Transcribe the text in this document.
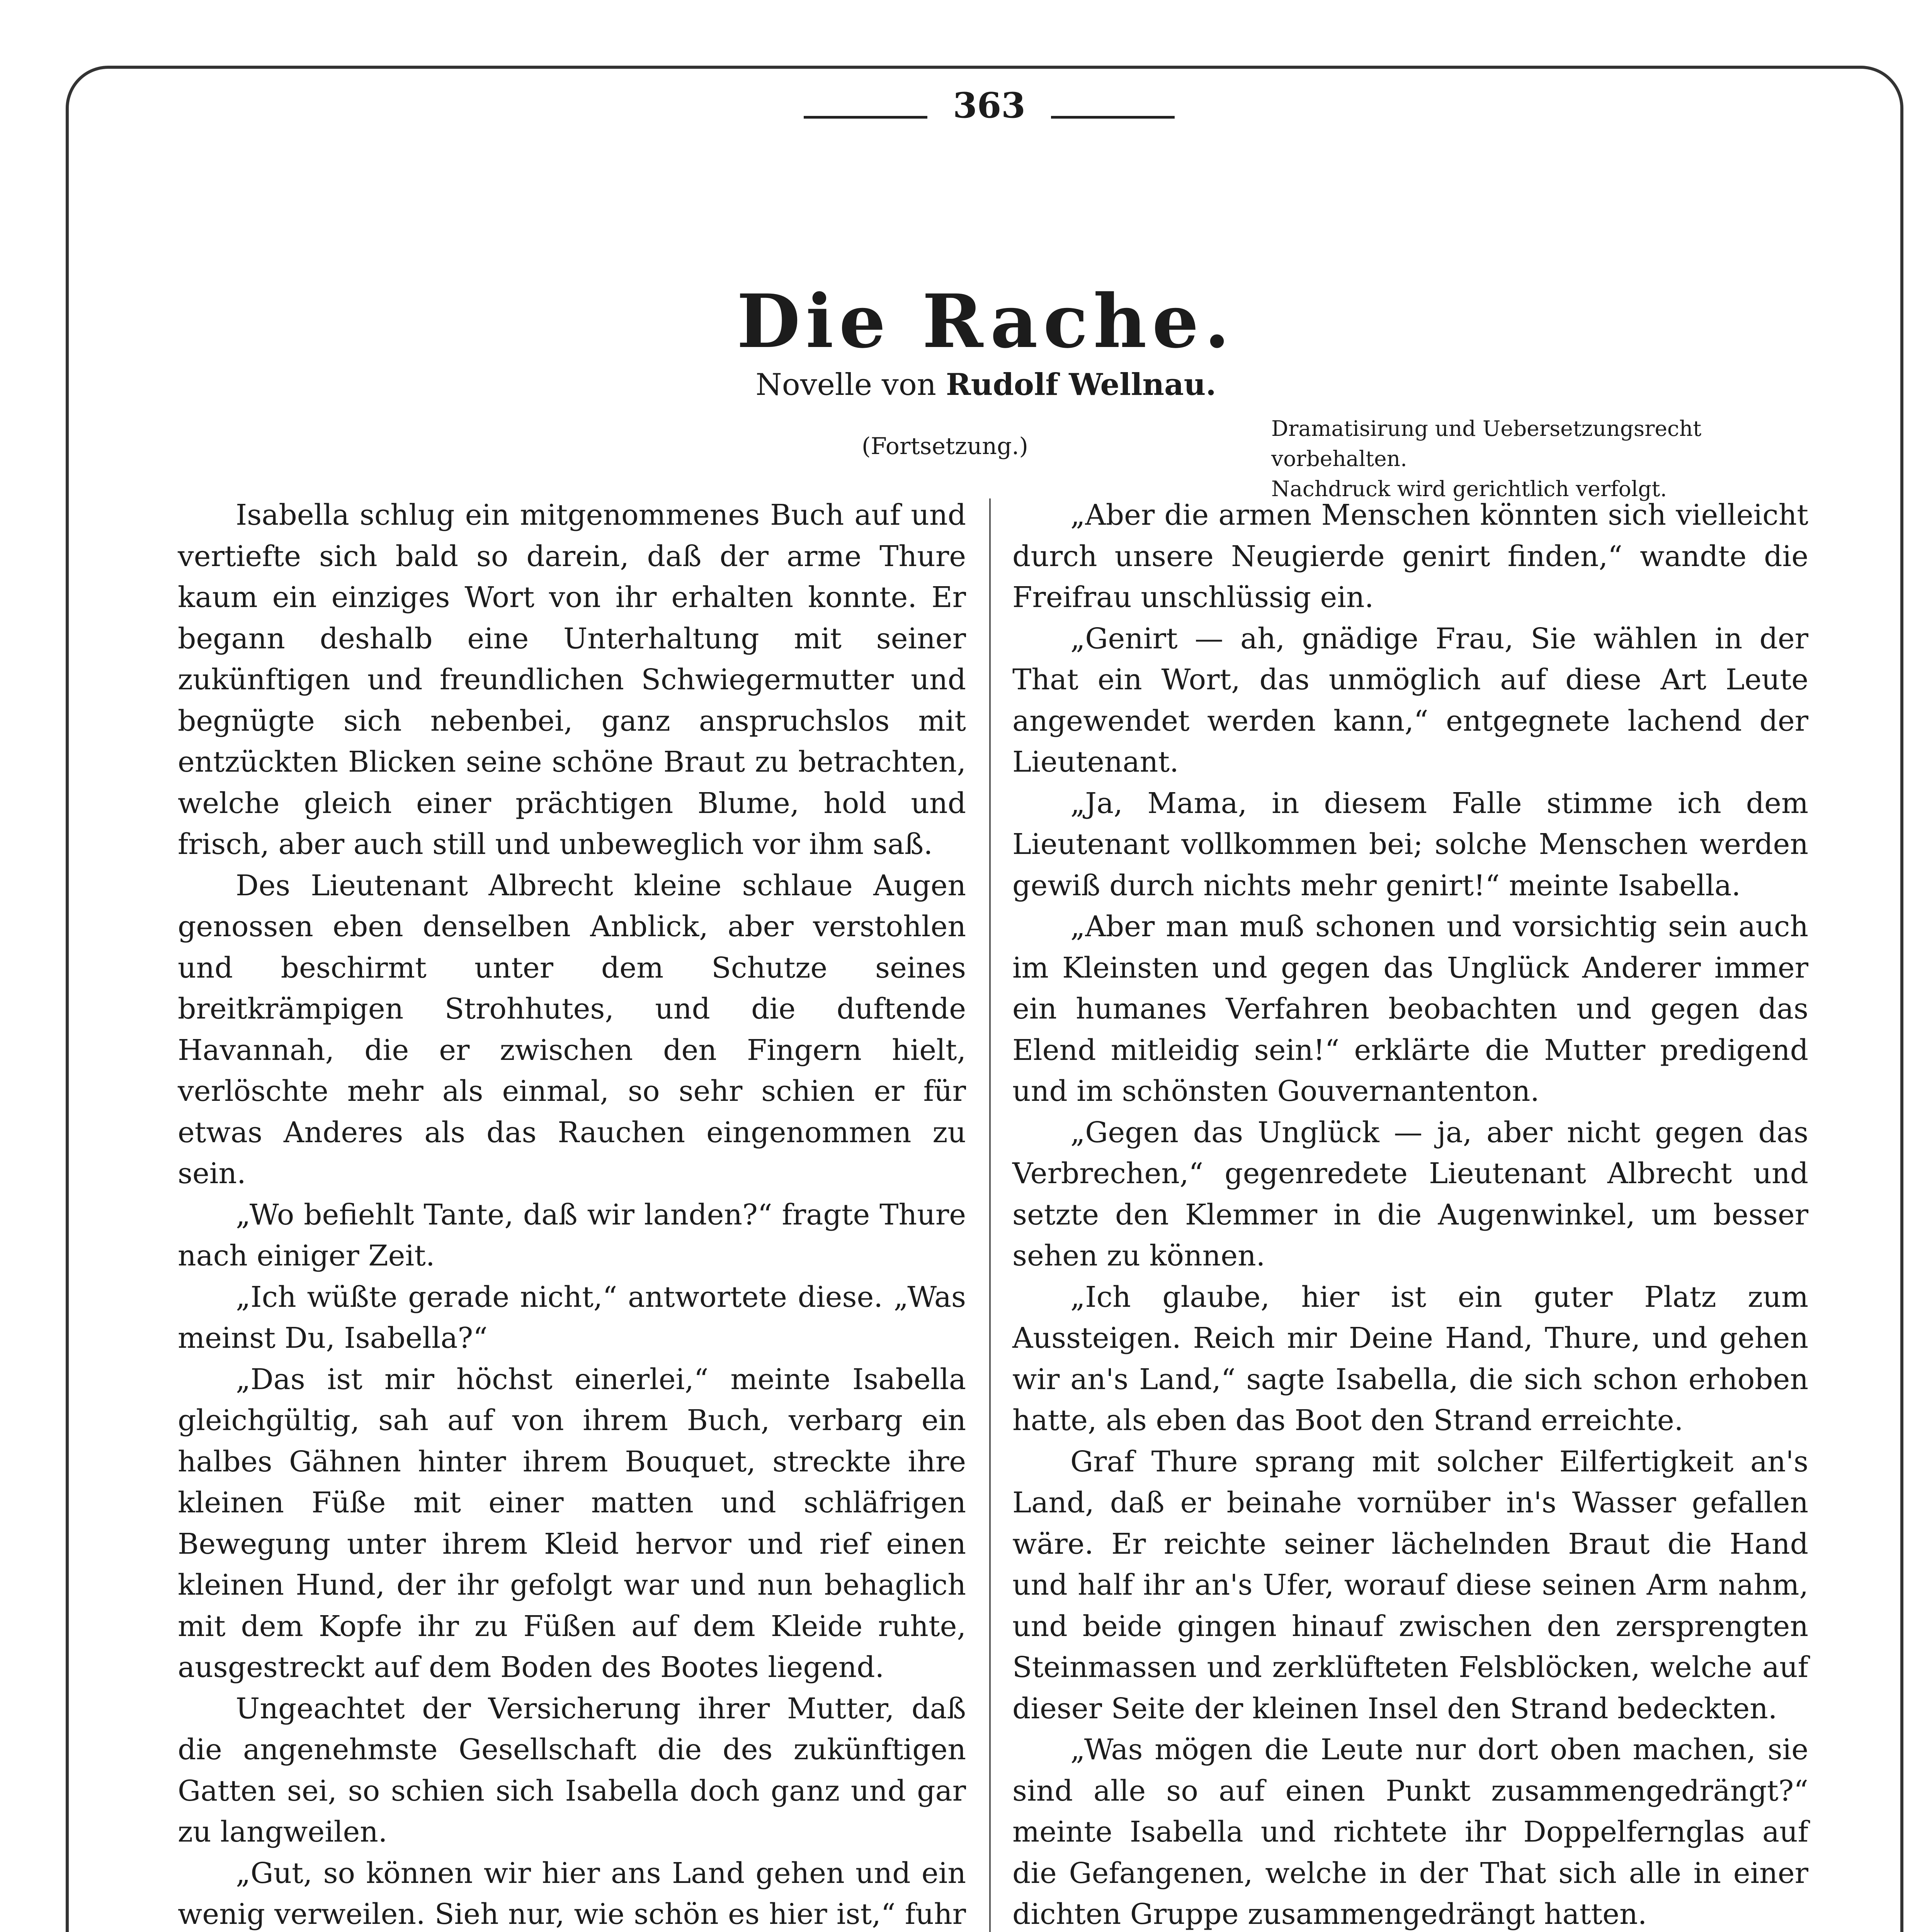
363
Die Rache.
Novelle von Rudolf Wellnau.
(Fortsetzung.)
Dramatisirung und Uebersetzungsrecht vorbehalten.
Nachdruck wird gerichtlich verfolgt.

Isabella schlug ein mitgenommenes Buch auf und vertiefte sich bald so darein, daß der arme Thure kaum ein einziges Wort von ihr erhalten konnte. Er begann deshalb eine Unterhaltung mit seiner zukünftigen und freundlichen Schwiegermutter und begnügte sich nebenbei, ganz anspruchslos mit entzückten Blicken seine schöne Braut zu betrachten, welche gleich einer prächtigen Blume, hold und frisch, aber auch still und unbeweglich vor ihm saß.

Des Lieutenant Albrecht kleine schlaue Augen genossen eben denselben Anblick, aber verstohlen und beschirmt unter dem Schutze seines breitkrämpigen Strohhutes, und die duftende Havannah, die er zwischen den Fingern hielt, verlöschte mehr als einmal, so sehr schien er für etwas Anderes als das Rauchen eingenommen zu sein.

„Wo befiehlt Tante, daß wir landen?“ fragte Thure nach einiger Zeit.

„Ich wüßte gerade nicht,“ antwortete diese. „Was meinst Du, Isabella?“

„Das ist mir höchst einerlei,“ meinte Isabella gleichgültig, sah auf von ihrem Buch, verbarg ein halbes Gähnen hinter ihrem Bouquet, streckte ihre kleinen Füße mit einer matten und schläfrigen Bewegung unter ihrem Kleid hervor und rief einen kleinen Hund, der ihr gefolgt war und nun behaglich mit dem Kopfe ihr zu Füßen auf dem Kleide ruhte, ausgestreckt auf dem Boden des Bootes liegend.

Ungeachtet der Versicherung ihrer Mutter, daß die angenehmste Gesellschaft die des zukünftigen Gatten sei, so schien sich Isabella doch ganz und gar zu langweilen.

„Gut, so können wir hier ans Land gehen und ein wenig verweilen. Sieh nur, wie schön es hier ist,“ fuhr

„Aber die armen Menschen könnten sich vielleicht durch unsere Neugierde genirt finden,“ wandte die Freifrau unschlüssig ein.

„Genirt — ah, gnädige Frau, Sie wählen in der That ein Wort, das unmöglich auf diese Art Leute angewendet werden kann,“ entgegnete lachend der Lieutenant.

„Ja, Mama, in diesem Falle stimme ich dem Lieutenant vollkommen bei; solche Menschen werden gewiß durch nichts mehr genirt!“ meinte Isabella.

„Aber man muß schonen und vorsichtig sein auch im Kleinsten und gegen das Unglück Anderer immer ein humanes Verfahren beobachten und gegen das Elend mitleidig sein!“ erklärte die Mutter predigend und im schönsten Gouvernantenton.

„Gegen das Unglück — ja, aber nicht gegen das Verbrechen,“ gegenredete Lieutenant Albrecht und setzte den Klemmer in die Augenwinkel, um besser sehen zu können.

„Ich glaube, hier ist ein guter Platz zum Aussteigen. Reich mir Deine Hand, Thure, und gehen wir an's Land,“ sagte Isabella, die sich schon erhoben hatte, als eben das Boot den Strand erreichte.

Graf Thure sprang mit solcher Eilfertigkeit an's Land, daß er beinahe vornüber in's Wasser gefallen wäre. Er reichte seiner lächelnden Braut die Hand und half ihr an's Ufer, worauf diese seinen Arm nahm, und beide gingen hinauf zwischen den zersprengten Steinmassen und zerklüfteten Felsblöcken, welche auf dieser Seite der kleinen Insel den Strand bedeckten.

„Was mögen die Leute nur dort oben machen, sie sind alle so auf einen Punkt zusammengedrängt?“ meinte Isabella und richtete ihr Doppelfernglas auf die Gefangenen, welche in der That sich alle in einer dichten Gruppe zusammengedrängt hatten.
